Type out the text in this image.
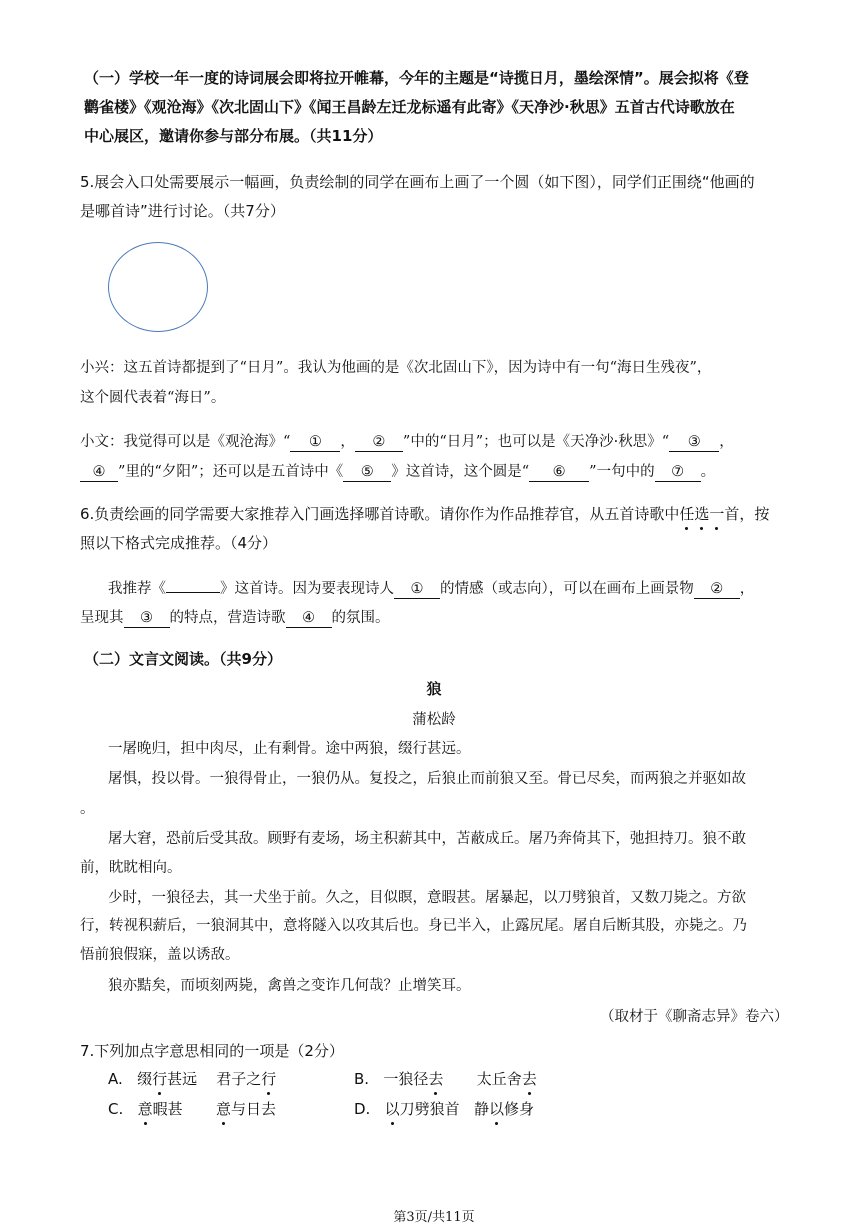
（一）学校一年一度的诗词展会即将拉开帷幕，今年的主题是“诗揽日月，墨绘深情”。展会拟将《登
鹳雀楼》《观沧海》《次北固山下》《闻王昌龄左迁龙标遥有此寄》《天净沙·秋思》五首古代诗歌放在
中心展区，邀请你参与部分布展。（共11分）
5.展会入口处需要展示一幅画，负责绘制的同学在画布上画了一个圆（如下图），同学们正围绕“他画的
是哪首诗”进行讨论。（共7分）
小兴：这五首诗都提到了“日月”。我认为他画的是《次北固山下》，因为诗中有一句“海日生残夜”，
这个圆代表着“海日”。
小文：我觉得可以是《观沧海》“ ① ， ② ”中的“日月”；也可以是《天净沙·秋思》“ ③ ，
④ ”里的“夕阳”；还可以是五首诗中《 ⑤ 》这首诗，这个圆是“ ⑥ ”一句中的 ⑦ 。
6.负责绘画的同学需要大家推荐入门画选择哪首诗歌。请你作为作品推荐官，从五首诗歌中任选一首，按
照以下格式完成推荐。（4分）
我推荐《	》这首诗。因为要表现诗人 ① 的情感（或志向），可以在画布上画景物 ② ，
呈现其 ③ 的特点，营造诗歌 ④ 的氛围。
（二）文言文阅读。（共9分）
狼
蒲松龄
一屠晚归，担中肉尽，止有剩骨。途中两狼，缀行甚远。
屠惧，投以骨。一狼得骨止，一狼仍从。复投之，后狼止而前狼又至。骨已尽矣，而两狼之并驱如故
。
屠大窘，恐前后受其敌。顾野有麦场，场主积薪其中，苫蔽成丘。屠乃奔倚其下，弛担持刀。狼不敢
前，眈眈相向。
少时，一狼径去，其一犬坐于前。久之，目似瞑，意暇甚。屠暴起，以刀劈狼首，又数刀毙之。方欲
行，转视积薪后，一狼洞其中，意将隧入以攻其后也。身已半入，止露尻尾。屠自后断其股，亦毙之。乃
悟前狼假寐，盖以诱敌。
狼亦黠矣，而顷刻两毙，禽兽之变诈几何哉？止增笑耳。
（取材于《聊斋志异》卷六）
7.下列加点字意思相同的一项是（2分）
A. 缀行甚远 君子之行	B. 一狼径去 太丘舍去
C. 意暇甚 意与日去	D. 以刀劈狼首 静以修身
第3页/共11页
